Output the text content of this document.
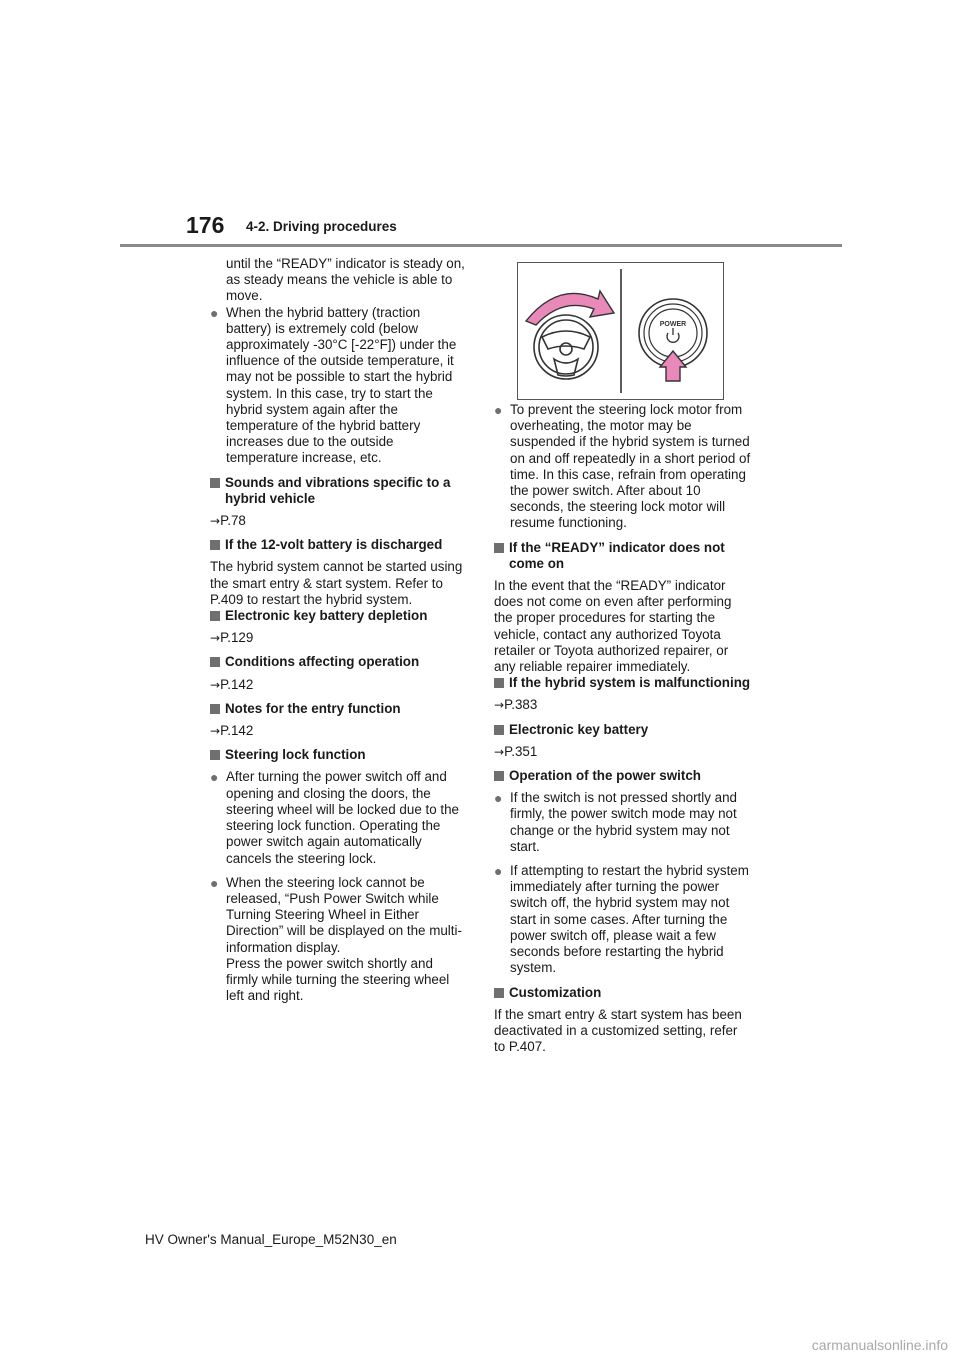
176 4-2. Driving procedures

until the “READY” indicator is steady on, as steady means the vehicle is able to move.

● When the hybrid battery (traction battery) is extremely cold (below approximately -30°C [-22°F]) under the influence of the outside temperature, it may not be possible to start the hybrid system. In this case, try to start the hybrid system again after the temperature of the hybrid battery increases due to the outside temperature increase, etc.
Sounds and vibrations specific to a hybrid vehicle
→P.78
If the 12-volt battery is discharged

The hybrid system cannot be started using the smart entry & start system. Refer to P.409 to restart the hybrid system.

Electronic key battery depletion
→P.129
Conditions affecting operation
→P.142
Notes for the entry function
→P.142
Steering lock function
● After turning the power switch off and opening and closing the doors, the steering wheel will be locked due to the steering lock function. Operating the power switch again automatically cancels the steering lock.
● When the steering lock cannot be released, “Push Power Switch while Turning Steering Wheel in Either Direction” will be displayed on the multi-information display.
Press the power switch shortly and firmly while turning the steering wheel left and right.
POWER
● To prevent the steering lock motor from overheating, the motor may be suspended if the hybrid system is turned on and off repeatedly in a short period of time. In this case, refrain from operating the power switch. After about 10 seconds, the steering lock motor will resume functioning.
If the “READY” indicator does not come on

In the event that the “READY” indicator does not come on even after performing the proper procedures for starting the vehicle, contact any authorized Toyota retailer or Toyota authorized repairer, or any reliable repairer immediately.

If the hybrid system is malfunctioning
→P.383
Electronic key battery
→P.351
Operation of the power switch
● If the switch is not pressed shortly and firmly, the power switch mode may not change or the hybrid system may not start.
● If attempting to restart the hybrid system immediately after turning the power switch off, the hybrid system may not start in some cases. After turning the power switch off, please wait a few seconds before restarting the hybrid system.
Customization

If the smart entry & start system has been deactivated in a customized setting, refer to P.407.

HV Owner's Manual_Europe_M52N30_en
carmanualsonline.info
